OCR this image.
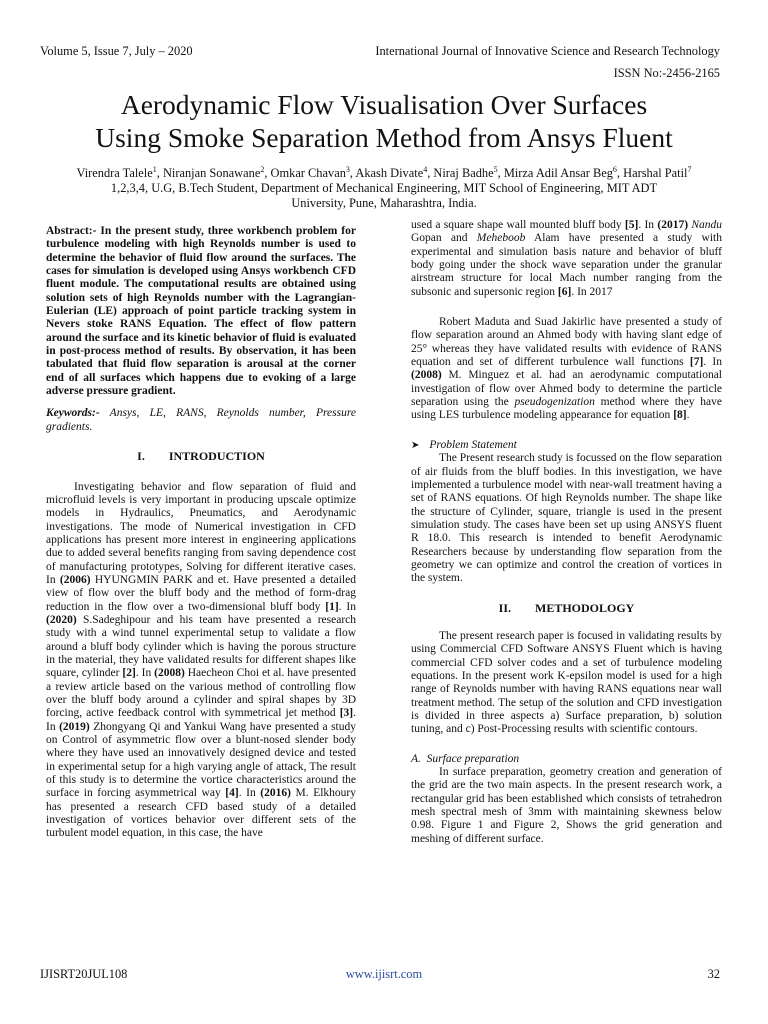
Volume 5, Issue 7, July – 2020	International Journal of Innovative Science and Research Technology
ISSN No:-2456-2165
Aerodynamic Flow Visualisation Over Surfaces
Using Smoke Separation Method from Ansys Fluent
Virendra Talele$^1$, Niranjan Sonawane$^2$, Omkar Chavan$^3$, Akash Divate$^4$, Niraj Badhe$^5$, Mirza Adil Ansar Beg$^6$, Harshal Patil$^7$
1,2,3,4, U.G, B.Tech Student, Department of Mechanical Engineering, MIT School of Engineering, MIT ADT
University, Pune, Maharashtra, India.

Abstract:- In the present study, three workbench problem for turbulence modeling with high Reynolds number is used to determine the behavior of fluid flow around the surfaces. The cases for simulation is developed using Ansys workbench CFD fluent module. The computational results are obtained using solution sets of high Reynolds number with the Lagrangian-Eulerian (LE) approach of point particle tracking system in Nevers stoke RANS Equation. The effect of flow pattern around the surface and its kinetic behavior of fluid is evaluated in post-process method of results. By observation, it has been tabulated that fluid flow separation is arousal at the corner end of all surfaces which happens due to evoking of a large adverse pressure gradient.

Keywords:- Ansys, LE, RANS, Reynolds number, Pressure gradients.

I.        INTRODUCTION

Investigating behavior and flow separation of fluid and microfluid levels is very important in producing upscale optimize models in Hydraulics, Pneumatics, and Aerodynamic investigations. The mode of Numerical investigation in CFD applications has present more interest in engineering applications due to added several benefits ranging from saving dependence cost of manufacturing prototypes, Solving for different iterative cases. In (2006) HYUNGMIN PARK and et. Have presented a detailed view of flow over the bluff body and the method of form-drag reduction in the flow over a two-dimensional bluff body [1]. In (2020) S.Sadeghipour and his team have presented a research study with a wind tunnel experimental setup to validate a flow around a bluff body cylinder which is having the porous structure in the material, they have validated results for different shapes like square, cylinder [2]. In (2008) Haecheon Choi et al. have presented a review article based on the various method of controlling flow over the bluff body around a cylinder and spiral shapes by 3D forcing, active feedback control with symmetrical jet method [3]. In (2019) Zhongyang Qi and Yankui Wang have presented a study on Control of asymmetric flow over a blunt-nosed slender body where they have used an innovatively designed device and tested in experimental setup for a high varying angle of attack, The result of this study is to determine the vortice characteristics around the surface in forcing asymmetrical way [4]. In (2016) M. Elkhoury has presented a research CFD based study of a detailed investigation of vortices behavior over different sets of the turbulent model equation, in this case, the have

used a square shape wall mounted bluff body [5]. In (2017) Nandu Gopan and Meheboob Alam have presented a study with experimental and simulation basis nature and behavior of bluff body going under the shock wave separation under the granular airstream structure for local Mach number ranging from the subsonic and supersonic region [6]. In 2017

Robert Maduta and Suad Jakirlic have presented a study of flow separation around an Ahmed body with having slant edge of 25° whereas they have validated results with evidence of RANS equation and set of different turbulence wall functions [7]. In (2008) M. Minguez et al. had an aerodynamic computational investigation of flow over Ahmed body to determine the particle separation using the pseudogenization method where they have using LES turbulence modeling appearance for equation [8].

➤ Problem Statement

The Present research study is focussed on the flow separation of air fluids from the bluff bodies. In this investigation, we have implemented a turbulence model with near-wall treatment having a set of RANS equations. Of high Reynolds number. The shape like the structure of Cylinder, square, triangle is used in the present simulation study. The cases have been set up using ANSYS fluent R 18.0. This research is intended to benefit Aerodynamic Researchers because by understanding flow separation from the geometry we can optimize and control the creation of vortices in the system.

II.        METHODOLOGY

The present research paper is focused in validating results by using Commercial CFD Software ANSYS Fluent which is having commercial CFD solver codes and a set of turbulence modeling equations. In the present work K-epsilon model is used for a high range of Reynolds number with having RANS equations near wall treatment method. The setup of the solution and CFD investigation is divided in three aspects a) Surface preparation, b) solution tuning, and c) Post-Processing results with scientific contours.

A.  Surface preparation

In surface preparation, geometry creation and generation of the grid are the two main aspects. In the present research work, a rectangular grid has been established which consists of tetrahedron mesh spectral mesh of 3mm with maintaining skewness below 0.98. Figure 1 and Figure 2, Shows the grid generation and meshing of different surface.

IJISRT20JUL108	www.ijisrt.com	32
